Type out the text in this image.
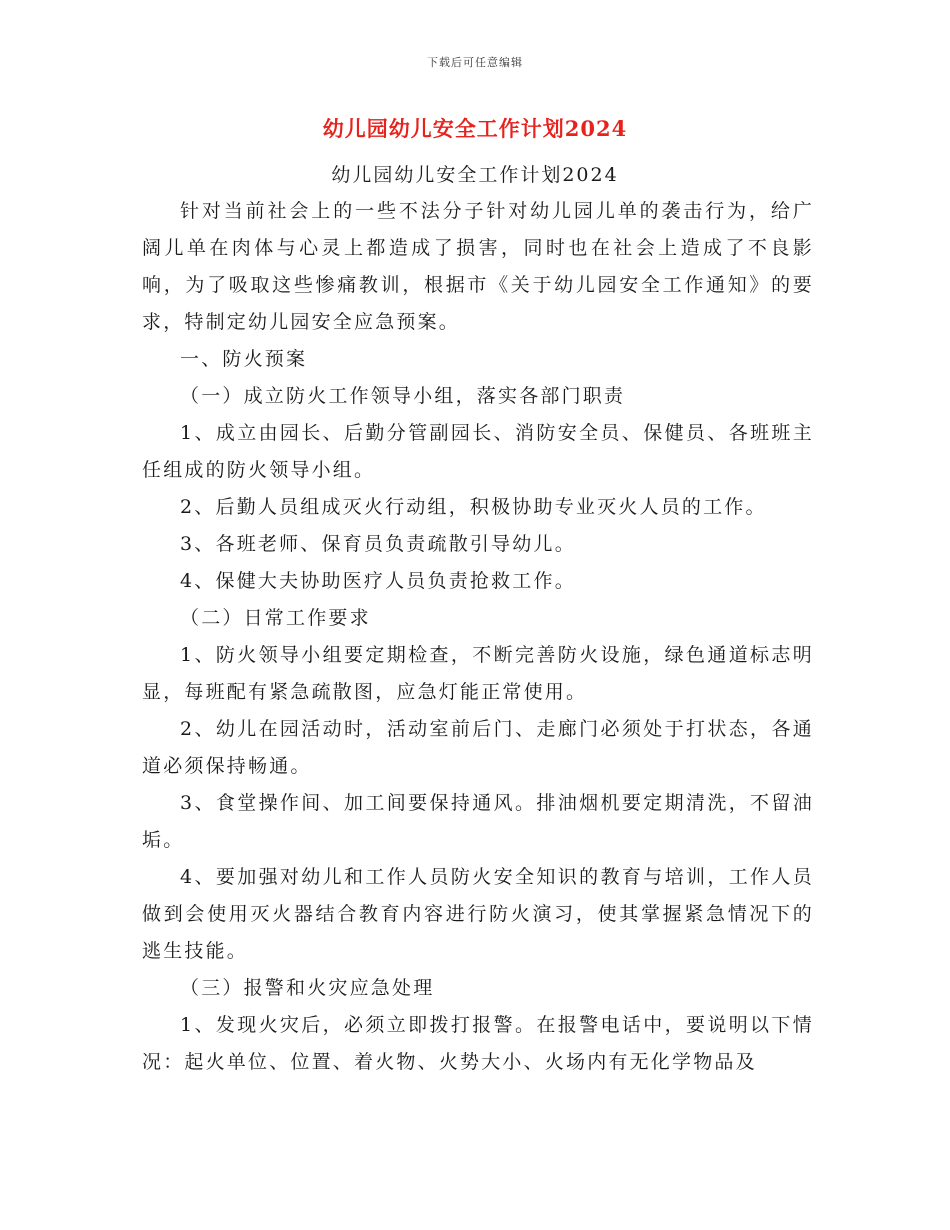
下载后可任意编辑
幼儿园幼儿安全工作计划2024
幼儿园幼儿安全工作计划2024

针对当前社会上的一些不法分子针对幼儿园儿单的袭击行为，给广阔儿单在肉体与心灵上都造成了损害，同时也在社会上造成了不良影响，为了吸取这些惨痛教训，根据市《关于幼儿园安全工作通知》的要求，特制定幼儿园安全应急预案。

一、防火预案

（一）成立防火工作领导小组，落实各部门职责

1、成立由园长、后勤分管副园长、消防安全员、保健员、各班班主任组成的防火领导小组。

2、后勤人员组成灭火行动组，积极协助专业灭火人员的工作。

3、各班老师、保育员负责疏散引导幼儿。

4、保健大夫协助医疗人员负责抢救工作。

（二）日常工作要求

1、防火领导小组要定期检查，不断完善防火设施，绿色通道标志明显，每班配有紧急疏散图，应急灯能正常使用。

2、幼儿在园活动时，活动室前后门、走廊门必须处于打状态，各通道必须保持畅通。

3、食堂操作间、加工间要保持通风。排油烟机要定期清洗，不留油垢。

4、要加强对幼儿和工作人员防火安全知识的教育与培训，工作人员做到会使用灭火器结合教育内容进行防火演习，使其掌握紧急情况下的逃生技能。

（三）报警和火灾应急处理

1、发现火灾后，必须立即拨打报警。在报警电话中，要说明以下情况：起火单位、位置、着火物、火势大小、火场内有无化学物品及
